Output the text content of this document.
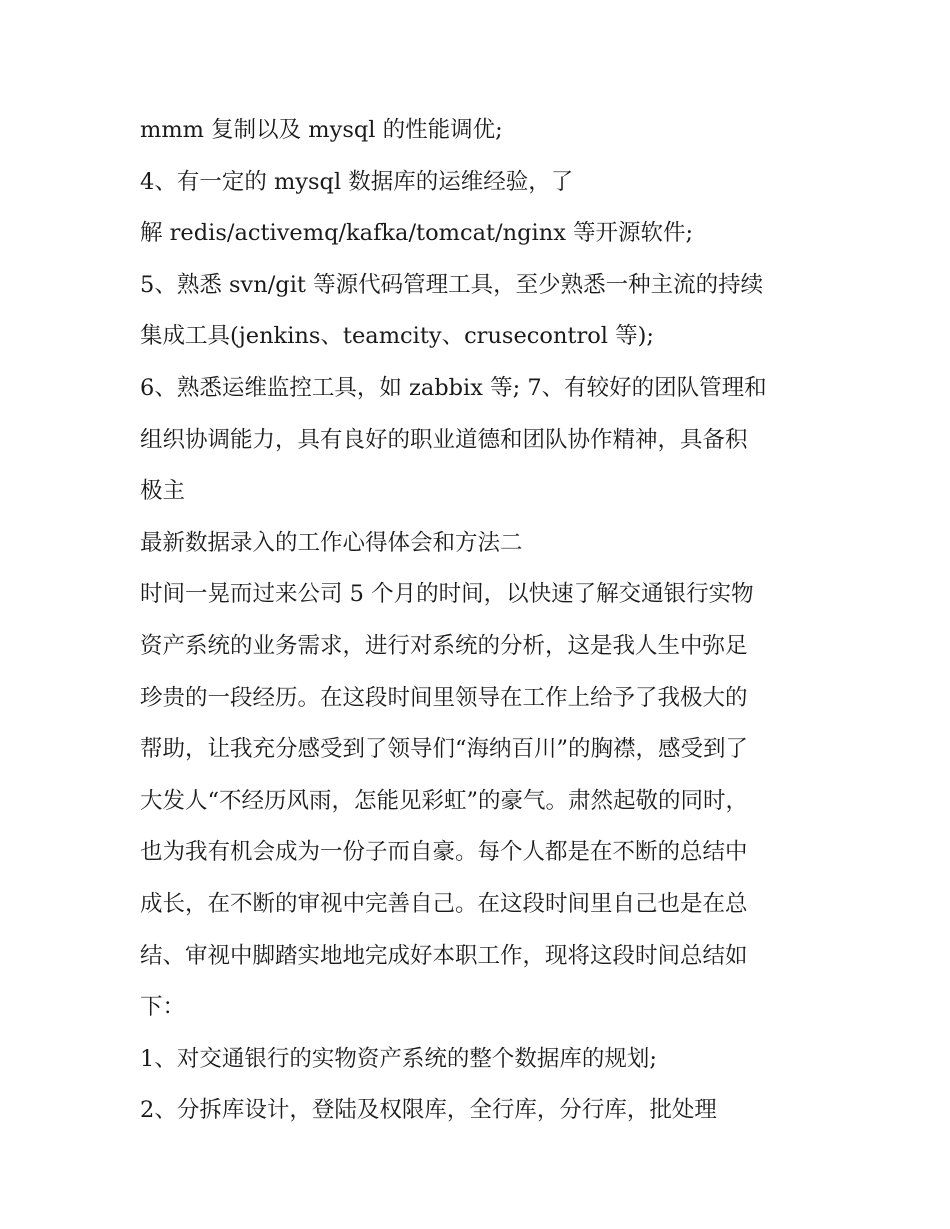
mmm 复制以及 mysql 的性能调优;

4、有一定的 mysql 数据库的运维经验，了

解 redis/activemq/kafka/tomcat/nginx 等开源软件;

5、熟悉 svn/git 等源代码管理工具，至少熟悉一种主流的持续

集成工具(jenkins、teamcity、crusecontrol 等);

6、熟悉运维监控工具，如 zabbix 等; 7、有较好的团队管理和

组织协调能力，具有良好的职业道德和团队协作精神，具备积

极主

最新数据录入的工作心得体会和方法二

时间一晃而过来公司 5 个月的时间，以快速了解交通银行实物

资产系统的业务需求，进行对系统的分析，这是我人生中弥足

珍贵的一段经历。在这段时间里领导在工作上给予了我极大的

帮助，让我充分感受到了领导们“海纳百川”的胸襟，感受到了

大发人“不经历风雨，怎能见彩虹”的豪气。肃然起敬的同时，

也为我有机会成为一份子而自豪。每个人都是在不断的总结中

成长，在不断的审视中完善自己。在这段时间里自己也是在总

结、审视中脚踏实地地完成好本职工作，现将这段时间总结如

下：

1、对交通银行的实物资产系统的整个数据库的规划;

2、分拆库设计，登陆及权限库，全行库，分行库，批处理
